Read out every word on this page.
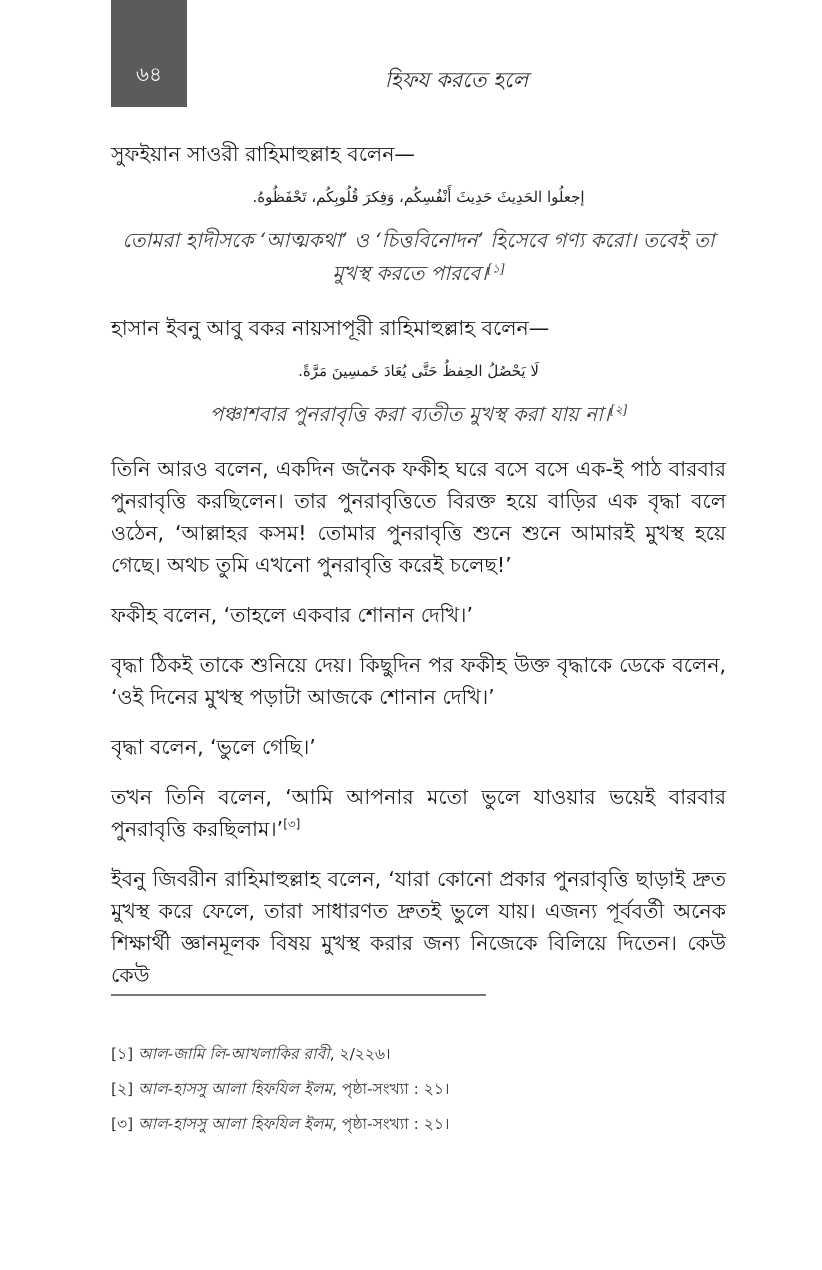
৬৪	হিফয করতে হলে

সুফইয়ান সাওরী রাহিমাহুল্লাহ বলেন—

إجعلُوا الحَدِيثَ حَدِيثَ أَنْفُسِكُم، وَفِكرَ قُلُوبِكُم، تَحْفَظُوهُ.

তোমরা হাদীসকে ‘আত্মকথা’ ও ‘চিত্তবিনোদন’ হিসেবে গণ্য করো। তবেই তা মুখস্থ করতে পারবে।[১]

হাসান ইবনু আবু বকর নায়সাপূরী রাহিমাহুল্লাহ বলেন—

لَا يَحْصُلُ الحِفظُ حَتَّى يُعَادَ خَمسِينَ مَرَّةً.

পঞ্চাশবার পুনরাবৃত্তি করা ব্যতীত মুখস্থ করা যায় না।[২]

তিনি আরও বলেন, একদিন জনৈক ফকীহ ঘরে বসে বসে এক-ই পাঠ বারবার পুনরাবৃত্তি করছিলেন। তার পুনরাবৃত্তিতে বিরক্ত হয়ে বাড়ির এক বৃদ্ধা বলে ওঠেন, ‘আল্লাহর কসম! তোমার পুনরাবৃত্তি শুনে শুনে আমারই মুখস্থ হয়ে গেছে। অথচ তুমি এখনো পুনরাবৃত্তি করেই চলেছ!’

ফকীহ বলেন, ‘তাহলে একবার শোনান দেখি।’

বৃদ্ধা ঠিকই তাকে শুনিয়ে দেয়। কিছুদিন পর ফকীহ উক্ত বৃদ্ধাকে ডেকে বলেন, ‘ওই দিনের মুখস্থ পড়াটা আজকে শোনান দেখি।’

বৃদ্ধা বলেন, ‘ভুলে গেছি।’

তখন তিনি বলেন, ‘আমি আপনার মতো ভুলে যাওয়ার ভয়েই বারবার পুনরাবৃত্তি করছিলাম।’[৩]

ইবনু জিবরীন রাহিমাহুল্লাহ বলেন, ‘যারা কোনো প্রকার পুনরাবৃত্তি ছাড়াই দ্রুত মুখস্থ করে ফেলে, তারা সাধারণত দ্রুতই ভুলে যায়। এজন্য পূর্ববর্তী অনেক শিক্ষার্থী জ্ঞানমূলক বিষয় মুখস্থ করার জন্য নিজেকে বিলিয়ে দিতেন। কেউ কেউ

[১] আল-জামি লি-আখলাকির রাবী, ২/২২৬।
[২] আল-হাসসু আলা হিফযিল ইলম, পৃষ্ঠা-সংখ্যা : ২১।
[৩] আল-হাসসু আলা হিফযিল ইলম, পৃষ্ঠা-সংখ্যা : ২১।
